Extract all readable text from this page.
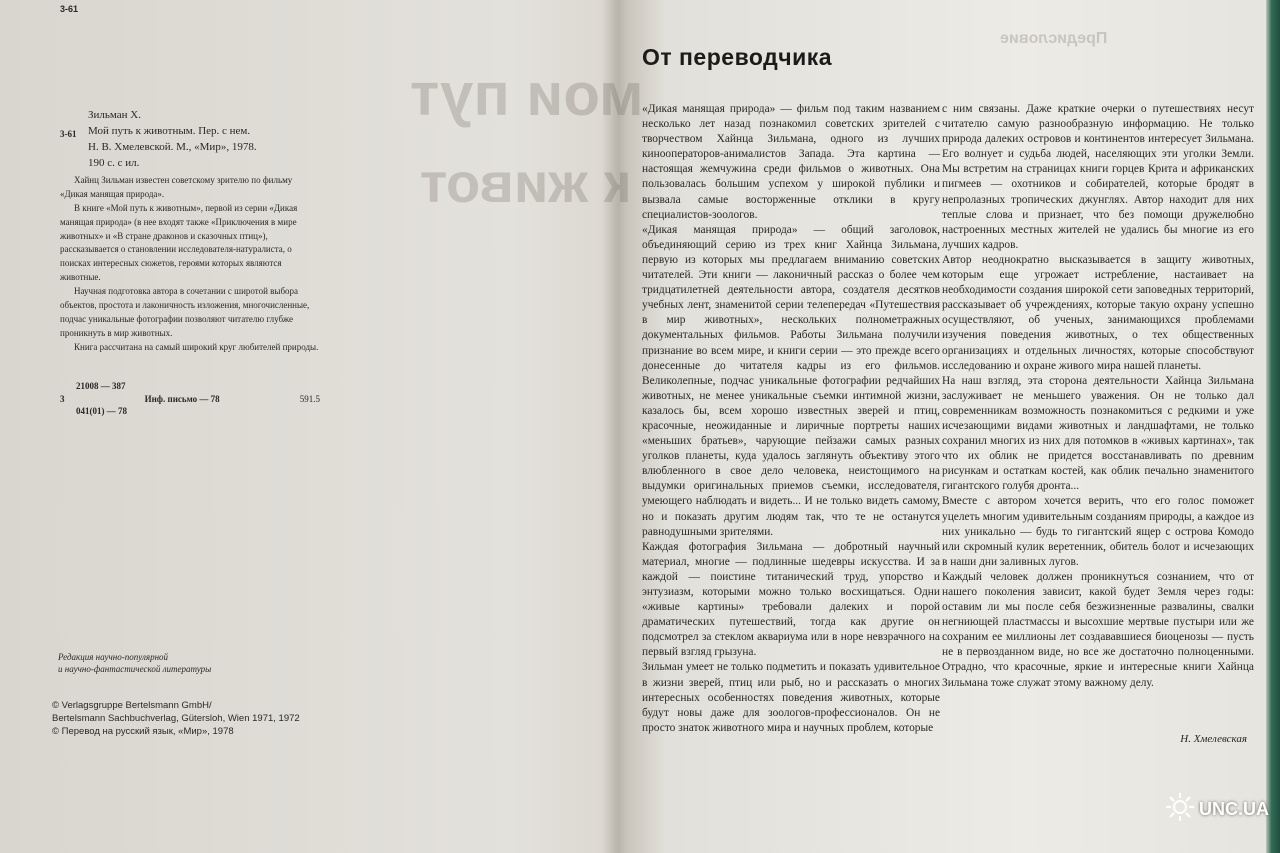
мои пут
к живот
Предисловие
3-61
Зильман Х.
3-61 Мой путь к животным. Пер. с нем.
Н. В. Хмелевской. М., «Мир», 1978.
190 с. с ил.

Хайнц Зильман известен советскому зрителю по фильму «Дикая манящая природа».

В книге «Мой путь к животным», первой из серии «Дикая манящая природа» (в нее входят также «Приключения в мире животных» и «В стране драконов и сказочных птиц»), рассказывается о становлении исследователя-натуралиста, о поисках интересных сюжетов, героями которых являются животные.

Научная подготовка автора в сочетании с широтой выбора объектов, простота и лаконичность изложения, многочисленные, подчас уникальные фотографии позволяют читателю глубже проникнуть в мир животных.

Книга рассчитана на самый широкий круг любителей природы.

21008 — 387
3	Инф. письмо — 78	591.5
041(01) — 78
Редакция научно-популярной
и научно-фантастической литературы
© Verlagsgruppe Bertelsmann GmbH/
Bertelsmann Sachbuchverlag, Gütersloh, Wien 1971, 1972
© Перевод на русский язык, «Мир», 1978
От переводчика

«Дикая манящая природа» — фильм под таким названием несколько лет назад познакомил советских зрителей с творчеством Хайнца Зильмана, одного из лучших кинооператоров-анималистов Запада. Эта картина — настоящая жемчужина среди фильмов о животных. Она пользовалась большим успехом у широкой публики и вызвала самые восторженные отклики в кругу специалистов-зоологов.

«Дикая манящая природа» — общий заголовок, объединяющий серию из трех книг Хайнца Зильмана, первую из которых мы предлагаем вниманию советских читателей. Эти книги — лаконичный рассказ о более чем тридцатилетней деятельности автора, создателя десятков учебных лент, знаменитой серии телепередач «Путешествия в мир животных», нескольких полнометражных документальных фильмов. Работы Зильмана получили признание во всем мире, и книги серии — это прежде всего донесенные до читателя кадры из его фильмов. Великолепные, подчас уникальные фотографии редчайших животных, не менее уникальные съемки интимной жизни, казалось бы, всем хорошо известных зверей и птиц, красочные, неожиданные и лиричные портреты наших «меньших братьев», чарующие пейзажи самых разных уголков планеты, куда удалось заглянуть объективу этого влюбленного в свое дело человека, неистощимого на выдумки оригинальных приемов съемки, исследователя, умеющего наблюдать и видеть... И не только видеть самому, но и показать другим людям так, что те не останутся равнодушными зрителями.

Каждая фотография Зильмана — добротный научный материал, многие — подлинные шедевры искусства. И за каждой — поистине титанический труд, упорство и энтузиазм, которыми можно только восхищаться. Одни «живые картины» требовали далеких и порой драматических путешествий, тогда как другие он подсмотрел за стеклом аквариума или в норе невзрачного на первый взгляд грызуна.

Зильман умеет не только подметить и показать удивительное в жизни зверей, птиц или рыб, но и рассказать о многих интересных особенностях поведения животных, которые будут новы даже для зоологов-профессионалов. Он не просто знаток животного мира и научных проблем, которые

с ним связаны. Даже краткие очерки о путешествиях несут читателю самую разнообразную информацию. Не только природа далеких островов и континентов интересует Зильмана. Его волнует и судьба людей, населяющих эти уголки Земли. Мы встретим на страницах книги горцев Крита и африканских пигмеев — охотников и собирателей, которые бродят в непролазных тропических джунглях. Автор находит для них теплые слова и признает, что без помощи дружелюбно настроенных местных жителей не удались бы многие из его лучших кадров.

Автор неоднократно высказывается в защиту животных, которым еще угрожает истребление, настаивает на необходимости создания широкой сети заповедных территорий, рассказывает об учреждениях, которые такую охрану успешно осуществляют, об ученых, занимающихся проблемами изучения поведения животных, о тех общественных организациях и отдельных личностях, которые способствуют исследованию и охране живого мира нашей планеты.

На наш взгляд, эта сторона деятельности Хайнца Зильмана заслуживает не меньшего уважения. Он не только дал современникам возможность познакомиться с редкими и уже исчезающими видами животных и ландшафтами, не только сохранил многих из них для потомков в «живых картинах», так что их облик не придется восстанавливать по древним рисункам и остаткам костей, как облик печально знаменитого гигантского голубя дронта...

Вместе с автором хочется верить, что его голос поможет уцелеть многим удивительным созданиям природы, а каждое из них уникально — будь то гигантский ящер с острова Комодо или скромный кулик веретенник, обитель болот и исчезающих в наши дни заливных лугов.

Каждый человек должен проникнуться сознанием, что от нашего поколения зависит, какой будет Земля через годы: оставим ли мы после себя безжизненные развалины, свалки негниющей пластмассы и высохшие мертвые пустыри или же сохраним ее миллионы лет создававшиеся биоценозы — пусть не в первозданном виде, но все же достаточно полноценными. Отрадно, что красочные, яркие и интересные книги Хайнца Зильмана тоже служат этому важному делу.

Н. Хмелевская
UNC.UA
